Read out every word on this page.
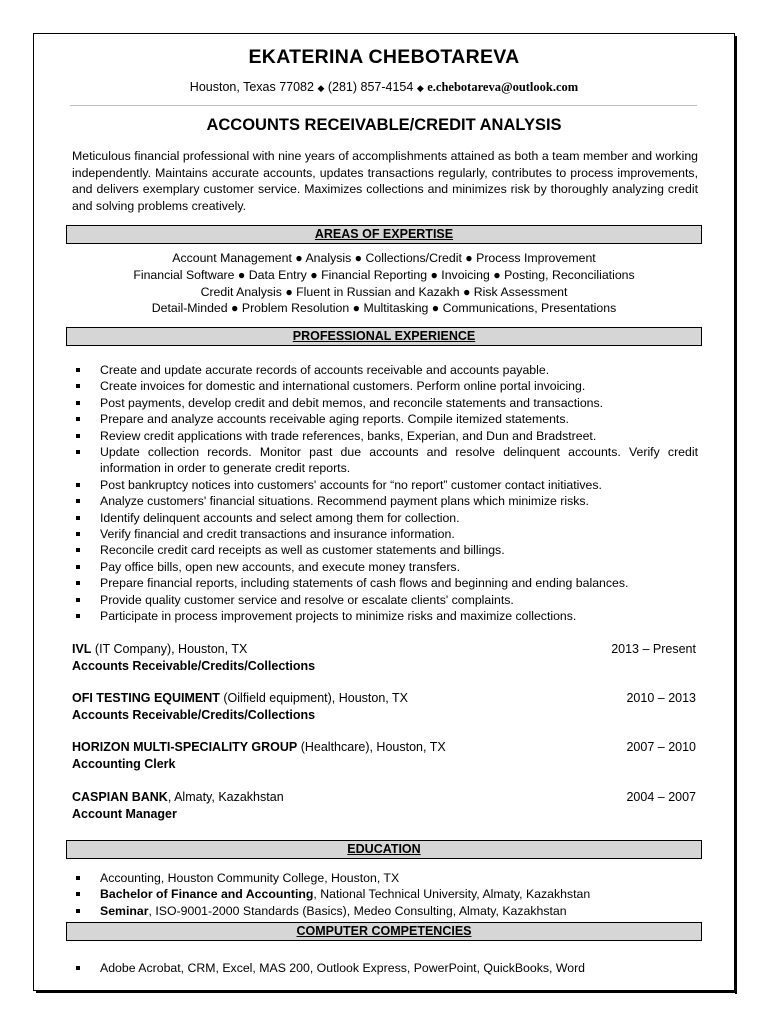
EKATERINA CHEBOTAREVA
Houston, Texas 77082 ◆ (281) 857-4154 ◆ e.chebotareva@outlook.com
ACCOUNTS RECEIVABLE/CREDIT ANALYSIS
Meticulous financial professional with nine years of accomplishments attained as both a team member and working independently. Maintains accurate accounts, updates transactions regularly, contributes to process improvements, and delivers exemplary customer service. Maximizes collections and minimizes risk by thoroughly analyzing credit and solving problems creatively.
AREAS OF EXPERTISE
Account Management ● Analysis ● Collections/Credit ● Process Improvement
Financial Software ● Data Entry ● Financial Reporting ● Invoicing ● Posting, Reconciliations
Credit Analysis ● Fluent in Russian and Kazakh ● Risk Assessment
Detail-Minded ● Problem Resolution ● Multitasking ● Communications, Presentations
PROFESSIONAL EXPERIENCE
Create and update accurate records of accounts receivable and accounts payable.
Create invoices for domestic and international customers. Perform online portal invoicing.
Post payments, develop credit and debit memos, and reconcile statements and transactions.
Prepare and analyze accounts receivable aging reports. Compile itemized statements.
Review credit applications with trade references, banks, Experian, and Dun and Bradstreet.
Update collection records. Monitor past due accounts and resolve delinquent accounts. Verify credit information in order to generate credit reports.
Post bankruptcy notices into customers' accounts for “no report” customer contact initiatives.
Analyze customers' financial situations. Recommend payment plans which minimize risks.
Identify delinquent accounts and select among them for collection.
Verify financial and credit transactions and insurance information.
Reconcile credit card receipts as well as customer statements and billings.
Pay office bills, open new accounts, and execute money transfers.
Prepare financial reports, including statements of cash flows and beginning and ending balances.
Provide quality customer service and resolve or escalate clients' complaints.
Participate in process improvement projects to minimize risks and maximize collections.
IVL (IT Company), Houston, TX
Accounts Receivable/Credits/Collections
2013 – Present
OFI TESTING EQUIMENT (Oilfield equipment), Houston, TX
Accounts Receivable/Credits/Collections
2010 – 2013
HORIZON MULTI-SPECIALITY GROUP (Healthcare), Houston, TX
Accounting Clerk
2007 – 2010
CASPIAN BANK, Almaty, Kazakhstan
Account Manager
2004 – 2007
EDUCATION
Accounting, Houston Community College, Houston, TX
Bachelor of Finance and Accounting, National Technical University, Almaty, Kazakhstan
Seminar, ISO-9001-2000 Standards (Basics), Medeo Consulting, Almaty, Kazakhstan
COMPUTER COMPETENCIES
Adobe Acrobat, CRM, Excel, MAS 200, Outlook Express, PowerPoint, QuickBooks, Word
